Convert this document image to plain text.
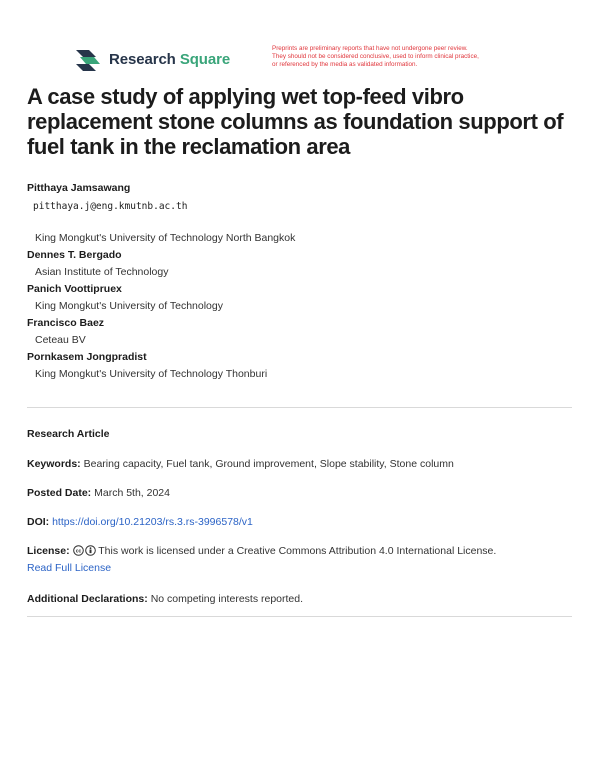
Research Square
Preprints are preliminary reports that have not undergone peer review.
They should not be considered conclusive, used to inform clinical practice,
or referenced by the media as validated information.
A case study of applying wet top-feed vibro replacement stone columns as foundation support of fuel tank in the reclamation area
Pitthaya Jamsawang
pitthaya.j@eng.kmutnb.ac.th
King Mongkut's University of Technology North Bangkok
Dennes T. Bergado
Asian Institute of Technology
Panich Voottipruex
King Mongkut's University of Technology
Francisco Baez
Ceteau BV
Pornkasem Jongpradist
King Mongkut's University of Technology Thonburi
Research Article
Keywords: Bearing capacity, Fuel tank, Ground improvement, Slope stability, Stone column
Posted Date: March 5th, 2024
DOI: https://doi.org/10.21203/rs.3.rs-3996578/v1
License: cc This work is licensed under a Creative Commons Attribution 4.0 International License.
Read Full License
Additional Declarations: No competing interests reported.
